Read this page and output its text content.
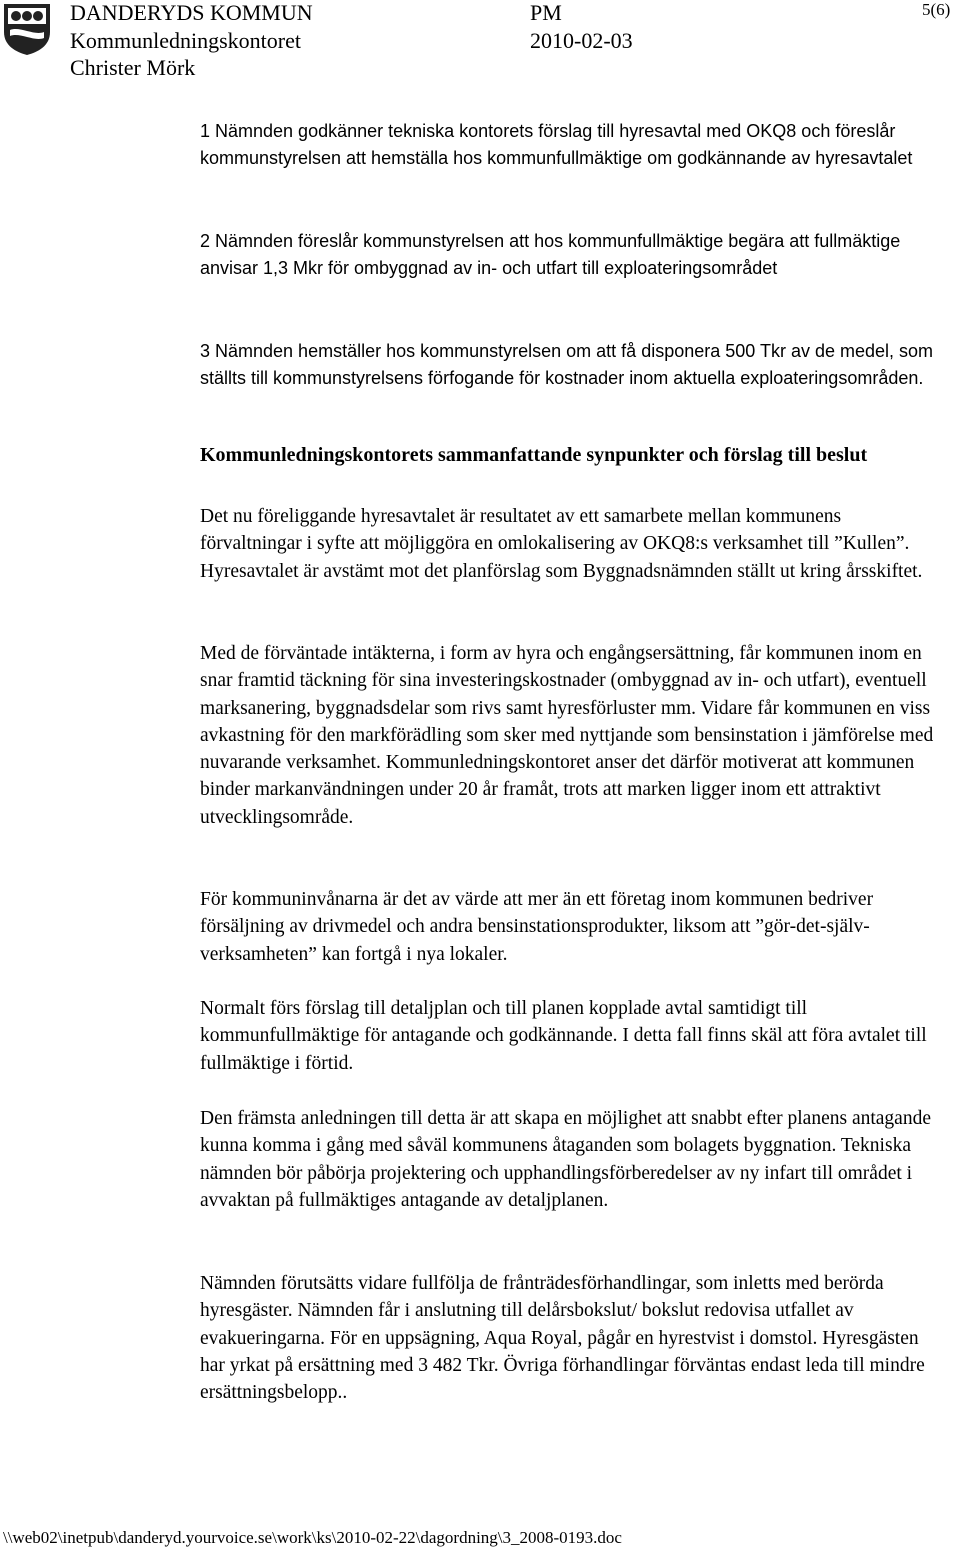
DANDERYDS KOMMUN	PM	5(6)
Kommunledningskontoret	2010-02-03
Christer Mörk
1 Nämnden godkänner tekniska kontorets förslag till hyresavtal med OKQ8 och föreslår kommunstyrelsen att hemställa hos kommunfullmäktige om godkännande av hyresavtalet
2 Nämnden föreslår kommunstyrelsen att hos kommunfullmäktige begära att fullmäktige anvisar 1,3 Mkr för ombyggnad av in- och utfart till exploateringsområdet
3 Nämnden hemställer hos kommunstyrelsen om att få disponera 500 Tkr av de medel, som ställts till kommunstyrelsens förfogande för kostnader inom aktuella exploateringsområden.
Kommunledningskontorets sammanfattande synpunkter och förslag till beslut
Det nu föreliggande hyresavtalet är resultatet av ett samarbete mellan kommunens förvaltningar i syfte att möjliggöra en omlokalisering av OKQ8:s verksamhet till ”Kullen”. Hyresavtalet är avstämt mot det planförslag som Byggnadsnämnden ställt ut kring årsskiftet.
Med de förväntade intäkterna, i form av hyra och engångsersättning, får kommunen inom en snar framtid täckning för sina investeringskostnader (ombyggnad av in- och utfart), eventuell marksanering, byggnadsdelar som rivs samt hyresförluster mm. Vidare får kommunen en viss avkastning för den markförädling som sker med nyttjande som bensinstation i jämförelse med nuvarande verksamhet. Kommunledningskontoret anser det därför motiverat att kommunen binder markanvändningen under 20 år framåt, trots att marken ligger inom ett attraktivt utvecklingsområde.
För kommuninvånarna är det av värde att mer än ett företag inom kommunen bedriver försäljning av drivmedel och andra bensinstationsprodukter, liksom att ”gör-det-själv-verksamheten” kan fortgå i nya lokaler.
Normalt förs förslag till detaljplan och till planen kopplade avtal samtidigt till kommunfullmäktige för antagande och godkännande. I detta fall finns skäl att föra avtalet till fullmäktige i förtid.
Den främsta anledningen till detta är att skapa en möjlighet att snabbt efter planens antagande kunna komma i gång med såväl kommunens åtaganden som bolagets byggnation. Tekniska nämnden bör påbörja projektering och upphandlingsförberedelser av ny infart till området i avvaktan på fullmäktiges antagande av detaljplanen.
Nämnden förutsätts vidare fullfölja de frånträdesförhandlingar, som inletts med berörda hyresgäster. Nämnden får i anslutning till delårsbokslut/ bokslut redovisa utfallet av evakueringarna. För en uppsägning, Aqua Royal, pågår en hyrestvist i domstol. Hyresgästen har yrkat på ersättning med 3 482 Tkr. Övriga förhandlingar förväntas endast leda till mindre ersättningsbelopp..
\\web02\inetpub\danderyd.yourvoice.se\work\ks\2010-02-22\dagordning\3_2008-0193.doc
